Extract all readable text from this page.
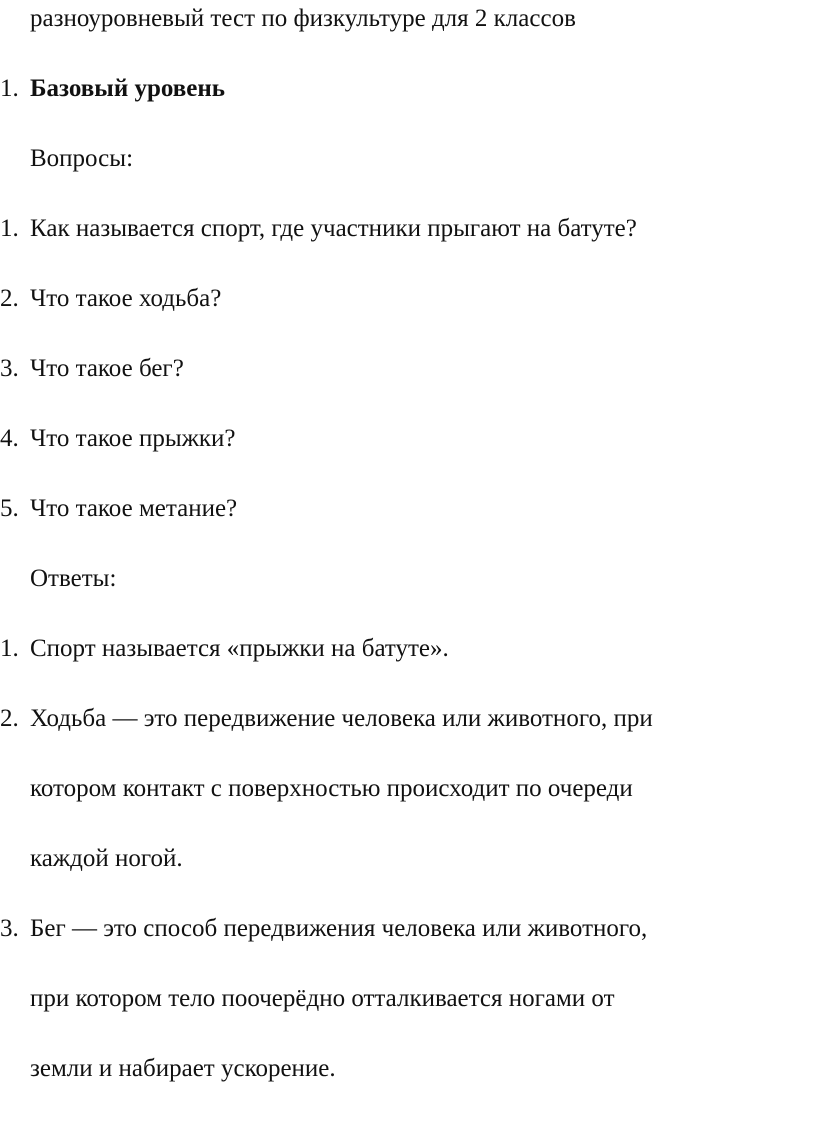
разноуровневый тест по физкультуре для 2 классов
1. Базовый уровень
Вопросы:
1. Как называется спорт, где участники прыгают на батуте?
2. Что такое ходьба?
3. Что такое бег?
4. Что такое прыжки?
5. Что такое метание?
Ответы:
1. Спорт называется «прыжки на батуте».
2. Ходьба — это передвижение человека или животного, при
котором контакт с поверхностью происходит по очереди
каждой ногой.
3. Бег — это способ передвижения человека или животного,
при котором тело поочерёдно отталкивается ногами от
земли и набирает ускорение.
